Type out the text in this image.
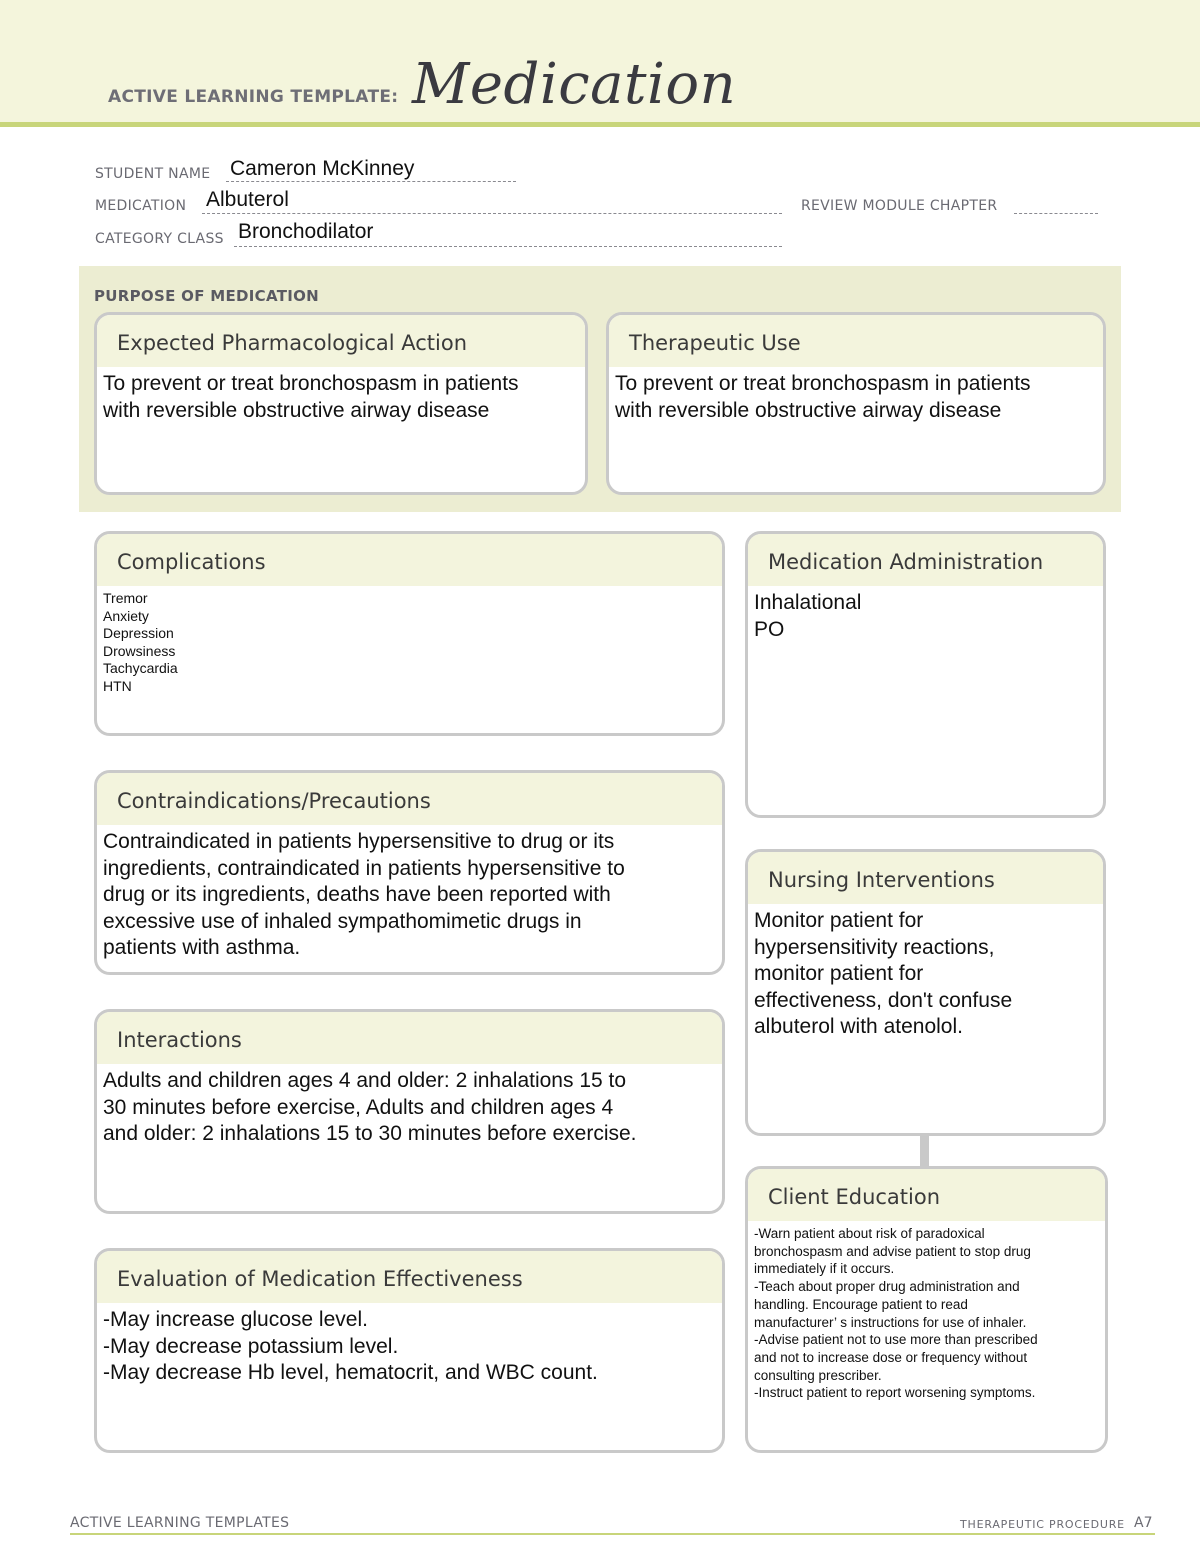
ACTIVE LEARNING TEMPLATE: Medication
STUDENT NAME Cameron McKinney
MEDICATION Albuterol	REVIEW MODULE CHAPTER
CATEGORY CLASS Bronchodilator
PURPOSE OF MEDICATION
Expected Pharmacological Action
To prevent or treat bronchospasm in patients
with reversible obstructive airway disease
Therapeutic Use
To prevent or treat bronchospasm in patients
with reversible obstructive airway disease
Complications
Tremor
Anxiety
Depression
Drowsiness
Tachycardia
HTN
Medication Administration
Inhalational
PO
Contraindications/Precautions
Contraindicated in patients hypersensitive to drug or its
ingredients, contraindicated in patients hypersensitive to
drug or its ingredients, deaths have been reported with
excessive use of inhaled sympathomimetic drugs in
patients with asthma.
Nursing Interventions
Monitor patient for
hypersensitivity reactions,
monitor patient for
effectiveness, don't confuse
albuterol with atenolol.
Interactions
Adults and children ages 4 and older: 2 inhalations 15 to
30 minutes before exercise, Adults and children ages 4
and older: 2 inhalations 15 to 30 minutes before exercise.
Client Education
-Warn patient about risk of paradoxical
bronchospasm and advise patient to stop drug
immediately if it occurs.
-Teach about proper drug administration and
handling. Encourage patient to read
manufacturer’ s instructions for use of inhaler.
-Advise patient not to use more than prescribed
and not to increase dose or frequency without
consulting prescriber.
-Instruct patient to report worsening symptoms.
Evaluation of Medication Effectiveness
-May increase glucose level.
-May decrease potassium level.
-May decrease Hb level, hematocrit, and WBC count.
ACTIVE LEARNING TEMPLATES	THERAPEUTIC PROCEDURE A7
